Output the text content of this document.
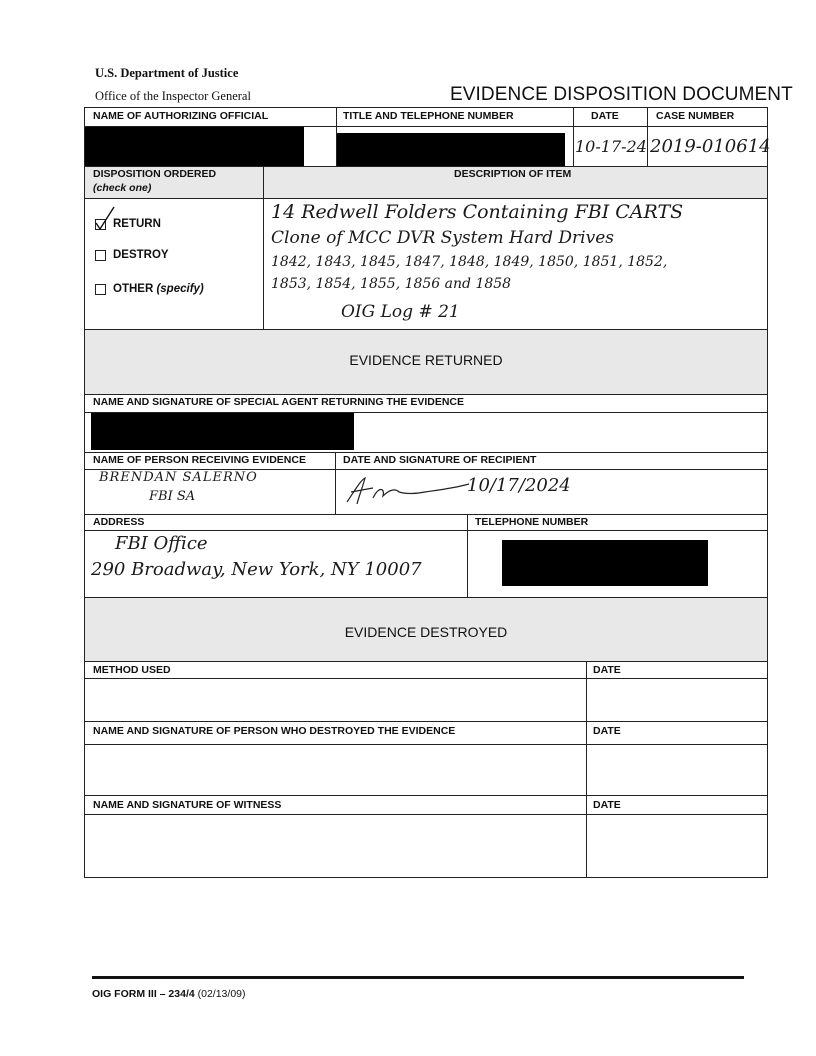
U.S. Department of Justice
Office of the Inspector General	EVIDENCE DISPOSITION DOCUMENT
NAME OF AUTHORIZING OFFICIAL	TITLE AND TELEPHONE NUMBER	DATE	CASE NUMBER
10-17-24 2019-010614
DISPOSITION ORDERED
(check one)
DESCRIPTION OF ITEM
RETURN
DESTROY
OTHER (specify)
14 Redwell Folders Containing FBI CARTS
Clone of MCC DVR System Hard Drives
1842, 1843, 1845, 1847, 1848, 1849, 1850, 1851, 1852,
1853, 1854, 1855, 1856 and 1858
OIG Log # 21
EVIDENCE RETURNED
NAME AND SIGNATURE OF SPECIAL AGENT RETURNING THE EVIDENCE
NAME OF PERSON RECEIVING EVIDENCE	DATE AND SIGNATURE OF RECIPIENT
BRENDAN SALERNO
FBI SA
10/17/2024
ADDRESS	TELEPHONE NUMBER
FBI Office
290 Broadway, New York, NY 10007
EVIDENCE DESTROYED
METHOD USED	DATE
NAME AND SIGNATURE OF PERSON WHO DESTROYED THE EVIDENCE	DATE
NAME AND SIGNATURE OF WITNESS	DATE
OIG FORM III – 234/4 (02/13/09)
